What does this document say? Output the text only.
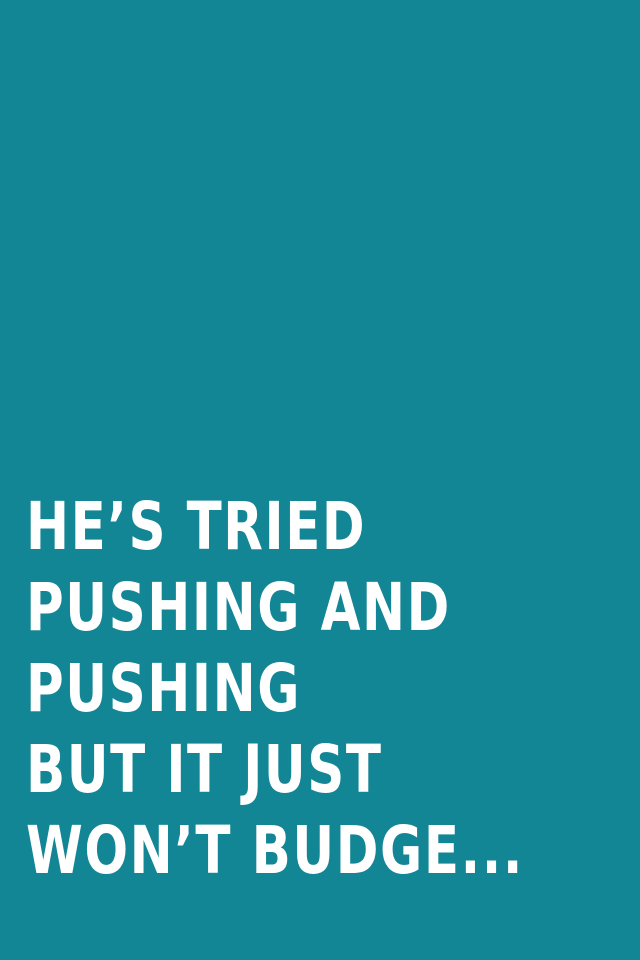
HE’S TRIED
PUSHING AND
PUSHING
BUT IT JUST
WON’T BUDGE...
